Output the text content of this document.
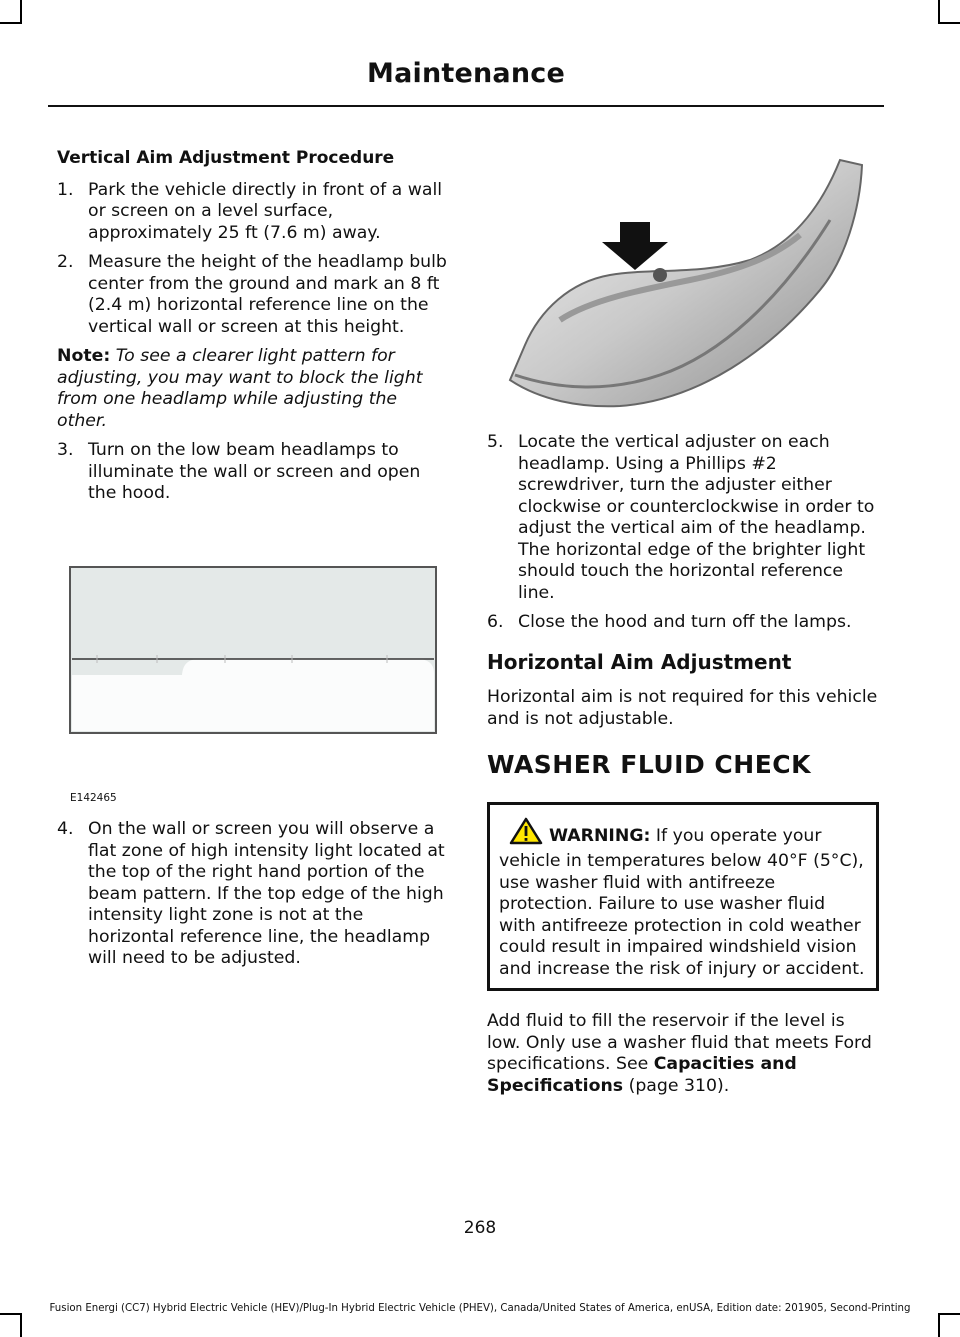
Maintenance
Vertical Aim Adjustment Procedure
1. Park the vehicle directly in front of a wall or screen on a level surface, approximately 25 ft (7.6 m) away.
2. Measure the height of the headlamp bulb center from the ground and mark an 8 ft (2.4 m) horizontal reference line on the vertical wall or screen at this height.
Note: To see a clearer light pattern for adjusting, you may want to block the light from one headlamp while adjusting the other.
3. Turn on the low beam headlamps to illuminate the wall or screen and open the hood.
E142465
4. On the wall or screen you will observe a flat zone of high intensity light located at the top of the right hand portion of the beam pattern. If the top edge of the high intensity light zone is not at the horizontal reference line, the headlamp will need to be adjusted.
5. Locate the vertical adjuster on each headlamp. Using a Phillips #2 screwdriver, turn the adjuster either clockwise or counterclockwise in order to adjust the vertical aim of the headlamp. The horizontal edge of the brighter light should touch the horizontal reference line.
6. Close the hood and turn off the lamps.
Horizontal Aim Adjustment
Horizontal aim is not required for this vehicle and is not adjustable.
WASHER FLUID CHECK
WARNING: If you operate your vehicle in temperatures below 40°F (5°C), use washer fluid with antifreeze protection. Failure to use washer fluid with antifreeze protection in cold weather could result in impaired windshield vision and increase the risk of injury or accident.
Add fluid to fill the reservoir if the level is low. Only use a washer fluid that meets Ford specifications. See Capacities and Specifications (page 310).
268
Fusion Energi (CC7) Hybrid Electric Vehicle (HEV)/Plug-In Hybrid Electric Vehicle (PHEV), Canada/United States of America, enUSA, Edition date: 201905, Second-Printing
